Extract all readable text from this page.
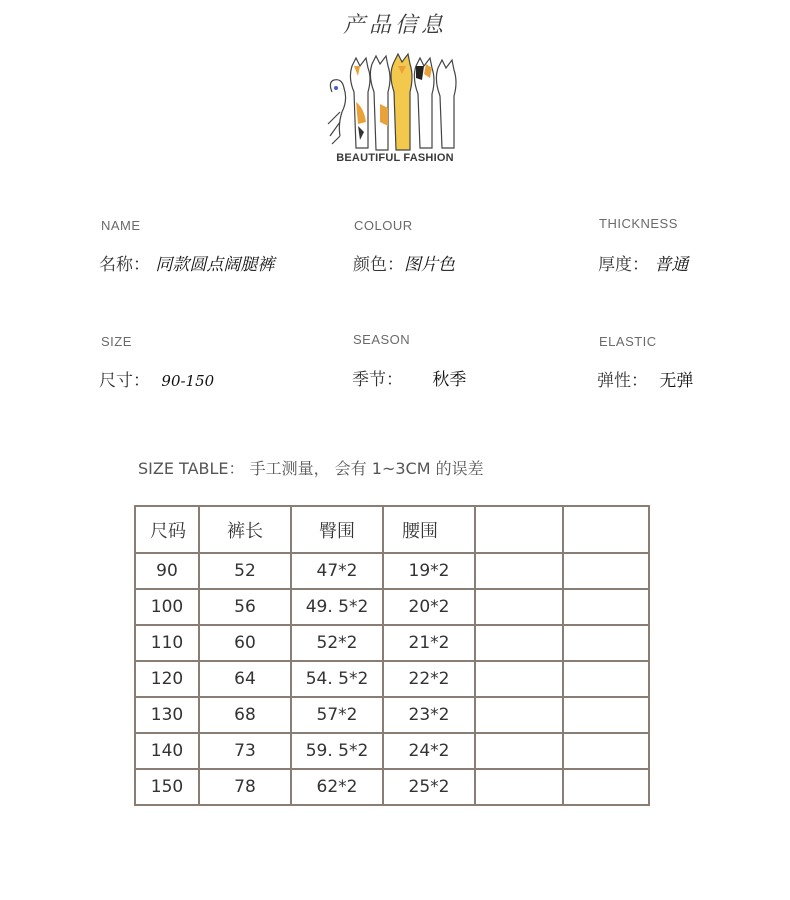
产品信息
BEAUTIFUL FASHION
NAME
名称： 同款圆点阔腿裤
COLOUR
颜色：图片色
THICKNESS
厚度： 普通
SIZE
尺寸： 90-150
SEASON
季节： 秋季
ELASTIC
弹性： 无弹
SIZE TABLE： 手工测量， 会有 1~3CM 的误差
尺码	裤长	臀围	腰围		
90	52	47*2	19*2		
100	56	49. 5*2	20*2		
110	60	52*2	21*2		
120	64	54. 5*2	22*2		
130	68	57*2	23*2		
140	73	59. 5*2	24*2		
150	78	62*2	25*2		
